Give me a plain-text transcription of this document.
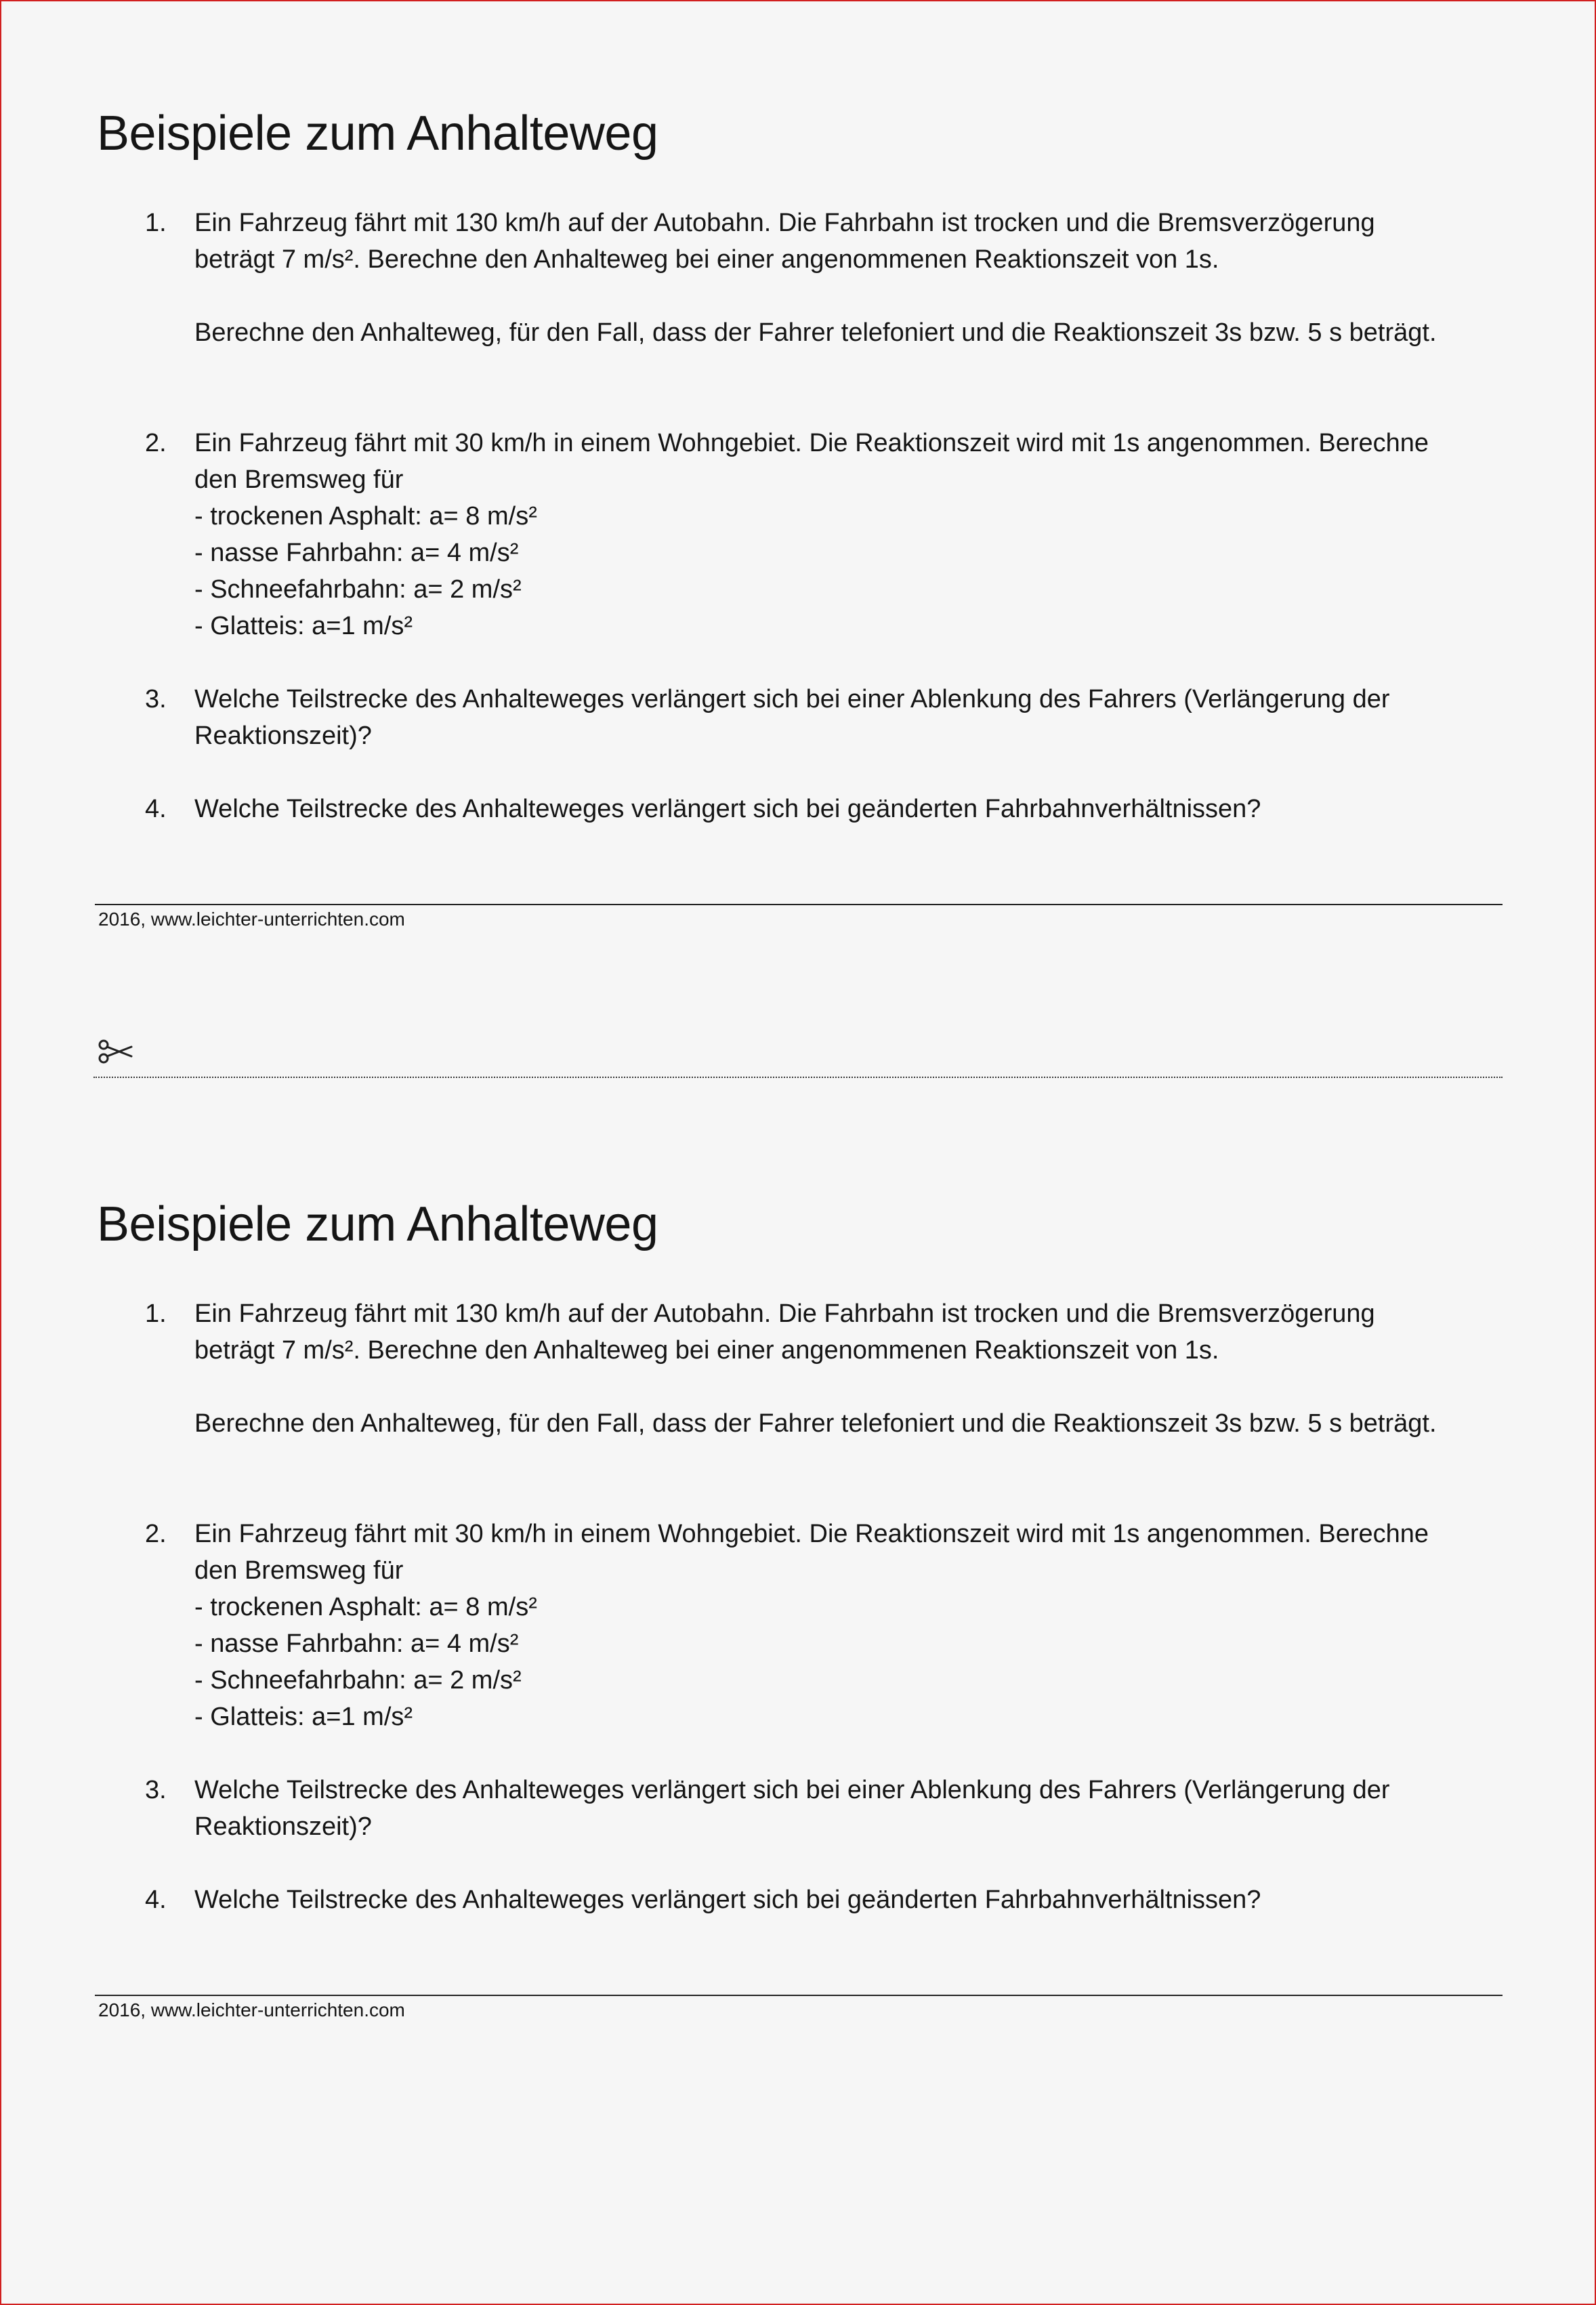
Beispiele zum Anhalteweg
1. Ein Fahrzeug fährt mit 130 km/h auf der Autobahn. Die Fahrbahn ist trocken und die Bremsverzögerung
beträgt 7 m/s². Berechne den Anhalteweg bei einer angenommenen Reaktionszeit von 1s.
Berechne den Anhalteweg, für den Fall, dass der Fahrer telefoniert und die Reaktionszeit 3s bzw. 5 s beträgt.
2. Ein Fahrzeug fährt mit 30 km/h in einem Wohngebiet. Die Reaktionszeit wird mit 1s angenommen. Berechne
den Bremsweg für
- trockenen Asphalt: a= 8 m/s²
- nasse Fahrbahn: a= 4 m/s²
- Schneefahrbahn: a= 2 m/s²
- Glatteis: a=1 m/s²
3. Welche Teilstrecke des Anhalteweges verlängert sich bei einer Ablenkung des Fahrers (Verlängerung der
Reaktionszeit)?
4. Welche Teilstrecke des Anhalteweges verlängert sich bei geänderten Fahrbahnverhältnissen?
2016, www.leichter-unterrichten.com
Beispiele zum Anhalteweg
1. Ein Fahrzeug fährt mit 130 km/h auf der Autobahn. Die Fahrbahn ist trocken und die Bremsverzögerung
beträgt 7 m/s². Berechne den Anhalteweg bei einer angenommenen Reaktionszeit von 1s.
Berechne den Anhalteweg, für den Fall, dass der Fahrer telefoniert und die Reaktionszeit 3s bzw. 5 s beträgt.
2. Ein Fahrzeug fährt mit 30 km/h in einem Wohngebiet. Die Reaktionszeit wird mit 1s angenommen. Berechne
den Bremsweg für
- trockenen Asphalt: a= 8 m/s²
- nasse Fahrbahn: a= 4 m/s²
- Schneefahrbahn: a= 2 m/s²
- Glatteis: a=1 m/s²
3. Welche Teilstrecke des Anhalteweges verlängert sich bei einer Ablenkung des Fahrers (Verlängerung der
Reaktionszeit)?
4. Welche Teilstrecke des Anhalteweges verlängert sich bei geänderten Fahrbahnverhältnissen?
2016, www.leichter-unterrichten.com
